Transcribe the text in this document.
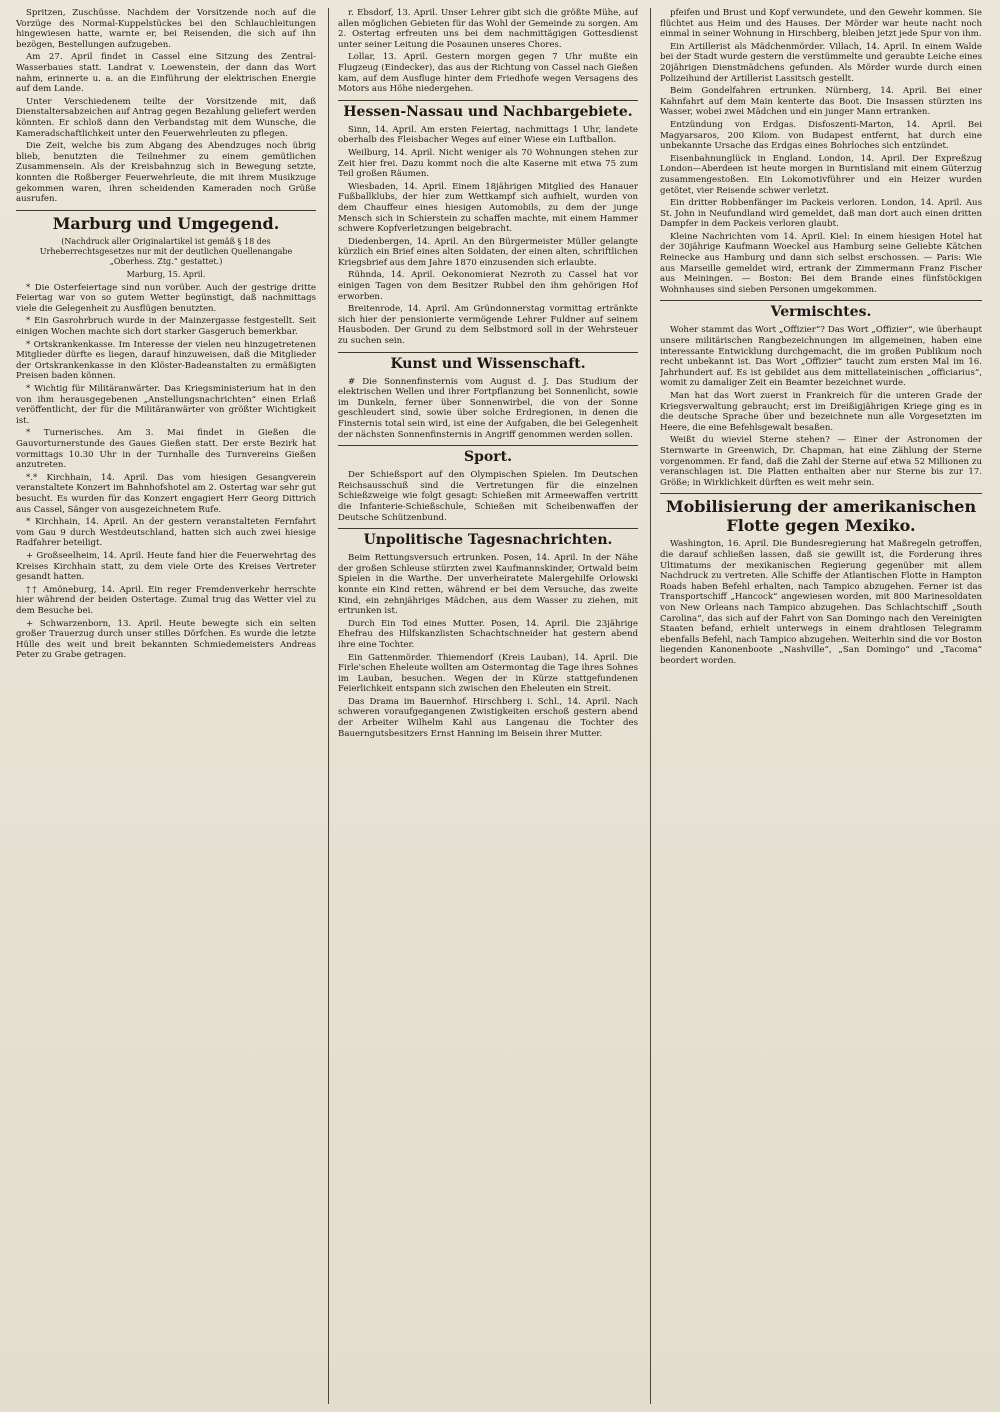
Spritzen, Zuschüsse. Nachdem der Vorsitzende noch auf die Vorzüge des Normal-Kuppelstückes bei den Schlauchleitungen hingewiesen hatte, warnte er, bei Reisenden, die sich auf ihn bezögen, Bestellungen aufzugeben.

Am 27. April findet in Cassel eine Sitzung des Zentral-Wasserbaues statt. Landrat v. Loewenstein, der dann das Wort nahm, erinnerte u. a. an die Einführung der elektrischen Energie auf dem Lande.

Unter Verschiedenem teilte der Vorsitzende mit, daß Dienstaltersabzeichen auf Antrag gegen Bezahlung geliefert werden könnten. Er schloß dann den Verbandstag mit dem Wunsche, die Kameradschaftlichkeit unter den Feuerwehrleuten zu pflegen.

Die Zeit, welche bis zum Abgang des Abendzuges noch übrig blieb, benutzten die Teilnehmer zu einem gemütlichen Zusammensein. Als der Kreisbahnzug sich in Bewegung setzte, konnten die Roßberger Feuerwehrleute, die mit ihrem Musikzuge gekommen waren, ihren scheidenden Kameraden noch Grüße ausrufen.

Marburg und Umgegend.
(Nachdruck aller Originalartikel ist gemäß § 18 des Urheberrechtsgesetzes nur mit der deutlichen Quellenangabe „Oberhess. Ztg.“ gestattet.)
Marburg, 15. April.

* Die Osterfeiertage sind nun vorüber. Auch der gestrige dritte Feiertag war von so gutem Wetter begünstigt, daß nachmittags viele die Gelegenheit zu Ausflügen benutzten.

* Ein Gasrohrbruch wurde in der Mainzergasse festgestellt. Seit einigen Wochen machte sich dort starker Gasgeruch bemerkbar.

* Ortskrankenkasse. Im Interesse der vielen neu hinzugetretenen Mitglieder dürfte es liegen, darauf hinzuweisen, daß die Mitglieder der Ortskrankenkasse in den Klöster-Badeanstalten zu ermäßigten Preisen baden können.

* Wichtig für Militäranwärter. Das Kriegsministerium hat in den von ihm herausgegebenen „Anstellungsnachrichten“ einen Erlaß veröffentlicht, der für die Militäranwärter von größter Wichtigkeit ist.

* Turnerisches. Am 3. Mai findet in Gießen die Gauvorturnerstunde des Gaues Gießen statt. Der erste Bezirk hat vormittags 10.30 Uhr in der Turnhalle des Turnvereins Gießen anzutreten.

*.* Kirchhain, 14. April. Das vom hiesigen Gesangverein veranstaltete Konzert im Bahnhofshotel am 2. Ostertag war sehr gut besucht. Es wurden für das Konzert engagiert Herr Georg Dittrich aus Cassel, Sänger von ausgezeichnetem Rufe.

* Kirchhain, 14. April. An der gestern veranstalteten Fernfahrt vom Gau 9 durch Westdeutschland, hatten sich auch zwei hiesige Radfahrer beteiligt.

+ Großseelheim, 14. April. Heute fand hier die Feuerwehrtag des Kreises Kirchhain statt, zu dem viele Orte des Kreises Vertreter gesandt hatten.

†† Amöneburg, 14. April. Ein reger Fremdenverkehr herrschte hier während der beiden Ostertage. Zumal trug das Wetter viel zu dem Besuche bei.

+ Schwarzenborn, 13. April. Heute bewegte sich ein selten großer Trauerzug durch unser stilles Dörfchen. Es wurde die letzte Hülle des weit und breit bekannten Schmiedemeisters Andreas Peter zu Grabe getragen.

r. Ebsdorf, 13. April. Unser Lehrer gibt sich die größte Mühe, auf allen möglichen Gebieten für das Wohl der Gemeinde zu sorgen. Am 2. Ostertag erfreuten uns bei dem nachmittägigen Gottesdienst unter seiner Leitung die Posaunen unseres Chores.

Lollar, 13. April. Gestern morgen gegen 7 Uhr mußte ein Flugzeug (Eindecker), das aus der Richtung von Cassel nach Gießen kam, auf dem Ausfluge hinter dem Friedhofe wegen Versagens des Motors aus Höhe niedergehen.

Hessen-Nassau und Nachbargebiete.

Sinn, 14. April. Am ersten Feiertag, nachmittags 1 Uhr, landete oberhalb des Fleisbacher Weges auf einer Wiese ein Luftballon.

Weilburg, 14. April. Nicht weniger als 70 Wohnungen stehen zur Zeit hier frei. Dazu kommt noch die alte Kaserne mit etwa 75 zum Teil großen Räumen.

Wiesbaden, 14. April. Einem 18jährigen Mitglied des Hanauer Fußballklubs, der hier zum Wettkampf sich aufhielt, wurden von dem Chauffeur eines hiesigen Automobils, zu dem der junge Mensch sich in Schierstein zu schaffen machte, mit einem Hammer schwere Kopfverletzungen beigebracht.

Diedenbergen, 14. April. An den Bürgermeister Müller gelangte kürzlich ein Brief eines alten Soldaten, der einen alten, schriftlichen Kriegsbrief aus dem Jahre 1870 einzusenden sich erlaubte.

Rühnda, 14. April. Oekonomierat Nezroth zu Cassel hat vor einigen Tagen von dem Besitzer Rubbel den ihm gehörigen Hof erworben.

Breitenrode, 14. April. Am Gründonnerstag vormittag ertränkte sich hier der pensionierte vermögende Lehrer Fuldner auf seinem Hausboden. Der Grund zu dem Selbstmord soll in der Wehrsteuer zu suchen sein.

Kunst und Wissenschaft.

# Die Sonnenfinsternis vom August d. J. Das Studium der elektrischen Wellen und ihrer Fortpflanzung bei Sonnenlicht, sowie im Dunkeln, ferner über Sonnenwirbel, die von der Sonne geschleudert sind, sowie über solche Erdregionen, in denen die Finsternis total sein wird, ist eine der Aufgaben, die bei Gelegenheit der nächsten Sonnenfinsternis in Angriff genommen werden sollen.

Sport.

Der Schießsport auf den Olympischen Spielen. Im Deutschen Reichsausschuß sind die Vertretungen für die einzelnen Schießzweige wie folgt gesagt: Schießen mit Armeewaffen vertritt die Infanterie-Schießschule, Schießen mit Scheibenwaffen der Deutsche Schützenbund.

Unpolitische Tagesnachrichten.

Beim Rettungsversuch ertrunken. Posen, 14. April. In der Nähe der großen Schleuse stürzten zwei Kaufmannskinder, Ortwald beim Spielen in die Warthe. Der unverheiratete Malergehilfe Orlowski konnte ein Kind retten, während er bei dem Versuche, das zweite Kind, ein zehnjähriges Mädchen, aus dem Wasser zu ziehen, mit ertrunken ist.

Durch Ein Tod eines Mutter. Posen, 14. April. Die 23jährige Ehefrau des Hilfskanzlisten Schachtschneider hat gestern abend ihre eine Tochter.

Ein Gattenmörder. Thiemendorf (Kreis Lauban), 14. April. Die Firle'schen Eheleute wollten am Ostermontag die Tage ihres Sohnes im Lauban, besuchen. Wegen der in Kürze stattgefundenen Feierlichkeit entspann sich zwischen den Eheleuten ein Streit.

Das Drama im Bauernhof. Hirschberg i. Schl., 14. April. Nach schweren voraufgegangenen Zwistigkeiten erschoß gestern abend der Arbeiter Wilhelm Kahl aus Langenau die Tochter des Bauerngutsbesitzers Ernst Hanning im Beisein ihrer Mutter.

pfeifen und Brust und Kopf verwundete, und den Gewehr kommen. Sie flüchtet aus Heim und des Hauses. Der Mörder war heute nacht noch einmal in seiner Wohnung in Hirschberg, bleiben jetzt jede Spur von ihm.

Ein Artillerist als Mädchenmörder. Villach, 14. April. In einem Walde bei der Stadt wurde gestern die verstümmelte und geraubte Leiche eines 20jährigen Dienstmädchens gefunden. Als Mörder wurde durch einen Polizeihund der Artillerist Lassitsch gestellt.

Beim Gondelfahren ertrunken. Nürnberg, 14. April. Bei einer Kahnfahrt auf dem Main kenterte das Boot. Die Insassen stürzten ins Wasser, wobei zwei Mädchen und ein junger Mann ertranken.

Entzündung von Erdgas. Disfoszenti-Marton, 14. April. Bei Magyarsaros, 200 Kilom. von Budapest entfernt, hat durch eine unbekannte Ursache das Erdgas eines Bohrloches sich entzündet.

Eisenbahnunglück in England. London, 14. April. Der Expreßzug London—Aberdeen ist heute morgen in Burntisland mit einem Güterzug zusammengestoßen. Ein Lokomotivführer und ein Heizer wurden getötet, vier Reisende schwer verletzt.

Ein dritter Robbenfänger im Packeis verloren. London, 14. April. Aus St. John in Neufundland wird gemeldet, daß man dort auch einen dritten Dampfer in dem Packeis verloren glaubt.

Kleine Nachrichten vom 14. April. Kiel: In einem hiesigen Hotel hat der 30jährige Kaufmann Woeckel aus Hamburg seine Geliebte Kätchen Reinecke aus Hamburg und dann sich selbst erschossen. — Paris: Wie aus Marseille gemeldet wird, ertrank der Zimmermann Franz Fischer aus Meiningen. — Boston: Bei dem Brande eines fünfstöckigen Wohnhauses sind sieben Personen umgekommen.

Vermischtes.

Woher stammt das Wort „Offizier“? Das Wort „Offizier“, wie überhaupt unsere militärischen Rangbezeichnungen im allgemeinen, haben eine interessante Entwicklung durchgemacht, die im großen Publikum noch recht unbekannt ist. Das Wort „Offizier“ taucht zum ersten Mal im 16. Jahrhundert auf. Es ist gebildet aus dem mittellateinischen „officiarius“, womit zu damaliger Zeit ein Beamter bezeichnet wurde.

Man hat das Wort zuerst in Frankreich für die unteren Grade der Kriegsverwaltung gebraucht; erst im Dreißigjährigen Kriege ging es in die deutsche Sprache über und bezeichnete nun alle Vorgesetzten im Heere, die eine Befehlsgewalt besaßen.

Weißt du wieviel Sterne stehen? — Einer der Astronomen der Sternwarte in Greenwich, Dr. Chapman, hat eine Zählung der Sterne vorgenommen. Er fand, daß die Zahl der Sterne auf etwa 52 Millionen zu veranschlagen ist. Die Platten enthalten aber nur Sterne bis zur 17. Größe; in Wirklichkeit dürften es weit mehr sein.

Mobilisierung der amerikanischen Flotte gegen Mexiko.

Washington, 16. April. Die Bundesregierung hat Maßregeln getroffen, die darauf schließen lassen, daß sie gewillt ist, die Forderung ihres Ultimatums der mexikanischen Regierung gegenüber mit allem Nachdruck zu vertreten. Alle Schiffe der Atlantischen Flotte in Hampton Roads haben Befehl erhalten, nach Tampico abzugehen. Ferner ist das Transportschiff „Hancock“ angewiesen worden, mit 800 Marinesoldaten von New Orleans nach Tampico abzugehen. Das Schlachtschiff „South Carolina“, das sich auf der Fahrt von San Domingo nach den Vereinigten Staaten befand, erhielt unterwegs in einem drahtlosen Telegramm ebenfalls Befehl, nach Tampico abzugehen. Weiterhin sind die vor Boston liegenden Kanonenboote „Nashville“, „San Domingo“ und „Tacoma“ beordert worden.
